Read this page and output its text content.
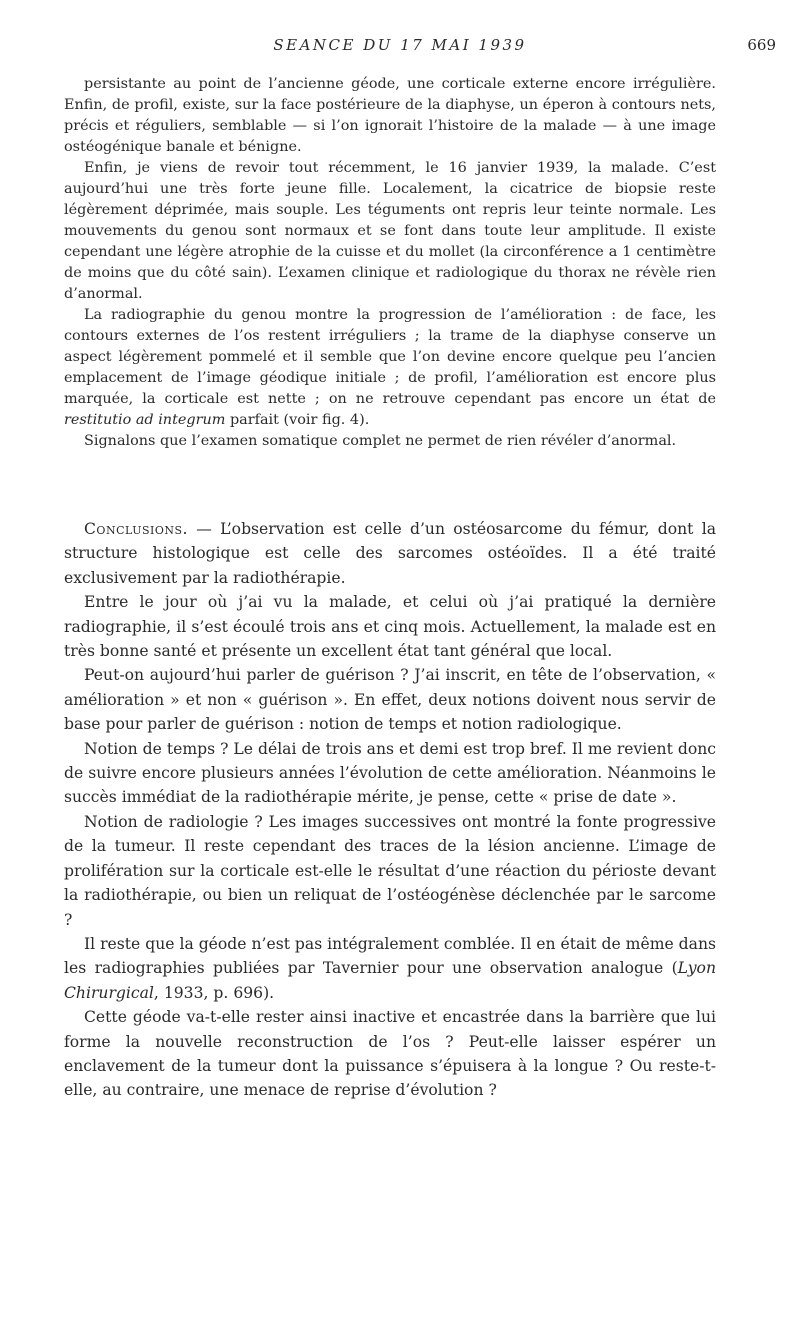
SEANCE DU 17 MAI 1939	669

persistante au point de l’ancienne géode, une corticale externe encore irrégulière. Enfin, de profil, existe, sur la face postérieure de la diaphyse, un éperon à contours nets, précis et réguliers, semblable — si l’on ignorait l’histoire de la malade — à une image ostéogénique banale et bénigne.

Enfin, je viens de revoir tout récemment, le 16 janvier 1939, la malade. C’est aujourd’hui une très forte jeune fille. Localement, la cicatrice de biopsie reste légèrement déprimée, mais souple. Les téguments ont repris leur teinte normale. Les mouvements du genou sont normaux et se font dans toute leur amplitude. Il existe cependant une légère atrophie de la cuisse et du mollet (la circonférence a 1 centimètre de moins que du côté sain). L’examen clinique et radiologique du thorax ne révèle rien d’anormal.

La radiographie du genou montre la progression de l’amélioration : de face, les contours externes de l’os restent irréguliers ; la trame de la diaphyse conserve un aspect légèrement pommelé et il semble que l’on devine encore quelque peu l’ancien emplacement de l’image géodique initiale ; de profil, l’amélioration est encore plus marquée, la corticale est nette ; on ne retrouve cependant pas encore un état de restitutio ad integrum parfait (voir fig. 4).

Signalons que l’examen somatique complet ne permet de rien révéler d’anormal.

Conclusions. — L’observation est celle d’un ostéosarcome du fémur, dont la structure histologique est celle des sarcomes ostéoïdes. Il a été traité exclusivement par la radiothérapie.

Entre le jour où j’ai vu la malade, et celui où j’ai pratiqué la dernière radiographie, il s’est écoulé trois ans et cinq mois. Actuellement, la malade est en très bonne santé et présente un excellent état tant général que local.

Peut-on aujourd’hui parler de guérison ? J’ai inscrit, en tête de l’observation, « amélioration » et non « guérison ». En effet, deux notions doivent nous servir de base pour parler de guérison : notion de temps et notion radiologique.

Notion de temps ? Le délai de trois ans et demi est trop bref. Il me revient donc de suivre encore plusieurs années l’évolution de cette amélioration. Néanmoins le succès immédiat de la radiothérapie mérite, je pense, cette « prise de date ».

Notion de radiologie ? Les images successives ont montré la fonte progressive de la tumeur. Il reste cependant des traces de la lésion ancienne. L’image de prolifération sur la corticale est-elle le résultat d’une réaction du périoste devant la radiothérapie, ou bien un reliquat de l’ostéogénèse déclenchée par le sarcome ?

Il reste que la géode n’est pas intégralement comblée. Il en était de même dans les radiographies publiées par Tavernier pour une observation analogue (Lyon Chirurgical, 1933, p. 696).

Cette géode va-t-elle rester ainsi inactive et encastrée dans la barrière que lui forme la nouvelle reconstruction de l’os ? Peut-elle laisser espérer un enclavement de la tumeur dont la puissance s’épuisera à la longue ? Ou reste-t-elle, au contraire, une menace de reprise d’évolution ?
